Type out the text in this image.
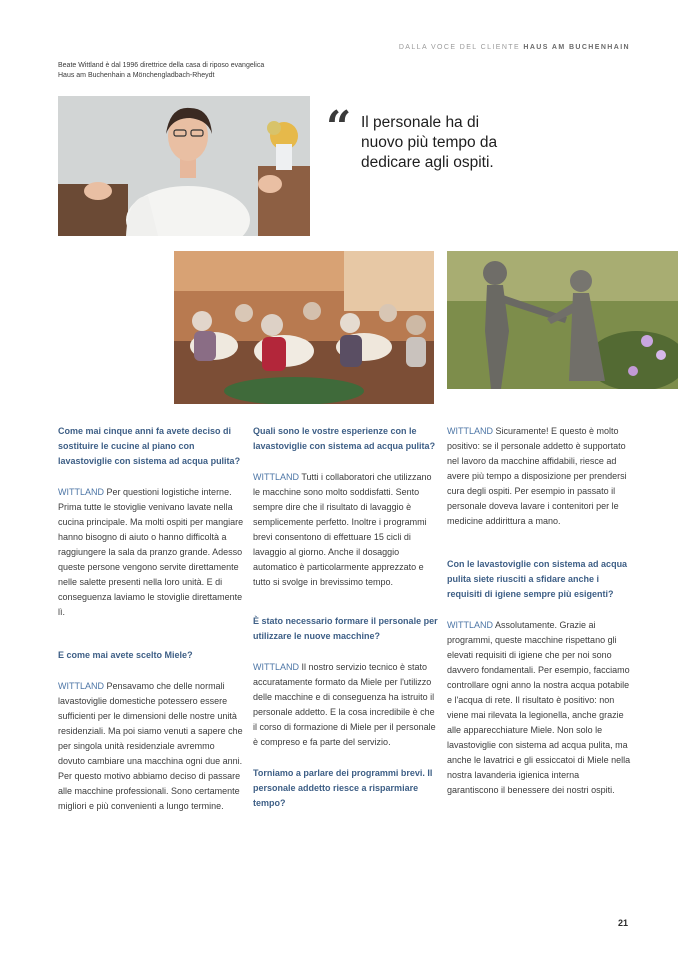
DALLA VOCE DEL CLIENTE HAUS AM BUCHENHAIN
Beate Wittland è dal 1996 direttrice della casa di riposo evangelica
Haus am Buchenhain a Mönchengladbach-Rheydt
“ Il personale ha di nuovo più tempo da dedicare agli ospiti.

Come mai cinque anni fa avete deciso di sostituire le cucine al piano con lavastoviglie con sistema ad acqua pulita?

WITTLAND Per questioni logistiche interne. Prima tutte le stoviglie venivano lavate nella cucina principale. Ma molti ospiti per mangiare hanno bisogno di aiuto o hanno difficoltà a raggiungere la sala da pranzo grande. Adesso queste persone vengono servite direttamente nelle salette presenti nella loro unità. E di conseguenza laviamo le stoviglie direttamente lì.

E come mai avete scelto Miele?

WITTLAND Pensavamo che delle normali lavastoviglie domestiche potessero essere sufficienti per le dimensioni delle nostre unità residenziali. Ma poi siamo venuti a sapere che per singola unità residenziale avremmo dovuto cambiare una macchina ogni due anni. Per questo motivo abbiamo deciso di passare alle macchine professionali. Sono certamente migliori e più convenienti a lungo termine.

Quali sono le vostre esperienze con le lavastoviglie con sistema ad acqua pulita?

WITTLAND Tutti i collaboratori che utilizzano le macchine sono molto soddisfatti. Sento sempre dire che il risultato di lavaggio è semplicemente perfetto. Inoltre i programmi brevi consentono di effettuare 15 cicli di lavaggio al giorno. Anche il dosaggio automatico è particolarmente apprezzato e tutto si svolge in brevissimo tempo.

È stato necessario formare il personale per utilizzare le nuove macchine?

WITTLAND Il nostro servizio tecnico è stato accuratamente formato da Miele per l'utilizzo delle macchine e di conseguenza ha istruito il personale addetto. E la cosa incredibile è che il corso di formazione di Miele per il personale è compreso e fa parte del servizio.

Torniamo a parlare dei programmi brevi. Il personale addetto riesce a risparmiare tempo?

WITTLAND Sicuramente! E questo è molto positivo: se il personale addetto è supportato nel lavoro da macchine affidabili, riesce ad avere più tempo a disposizione per prendersi cura degli ospiti. Per esempio in passato il personale doveva lavare i contenitori per le medicine addirittura a mano.

Con le lavastoviglie con sistema ad acqua pulita siete riusciti a sfidare anche i requisiti di igiene sempre più esigenti?

WITTLAND Assolutamente. Grazie ai programmi, queste macchine rispettano gli elevati requisiti di igiene che per noi sono davvero fondamentali. Per esempio, facciamo controllare ogni anno la nostra acqua potabile e l'acqua di rete. Il risultato è positivo: non viene mai rilevata la legionella, anche grazie alle apparecchiature Miele. Non solo le lavastoviglie con sistema ad acqua pulita, ma anche le lavatrici e gli essiccatoi di Miele nella nostra lavanderia igienica interna garantiscono il benessere dei nostri ospiti.

21
